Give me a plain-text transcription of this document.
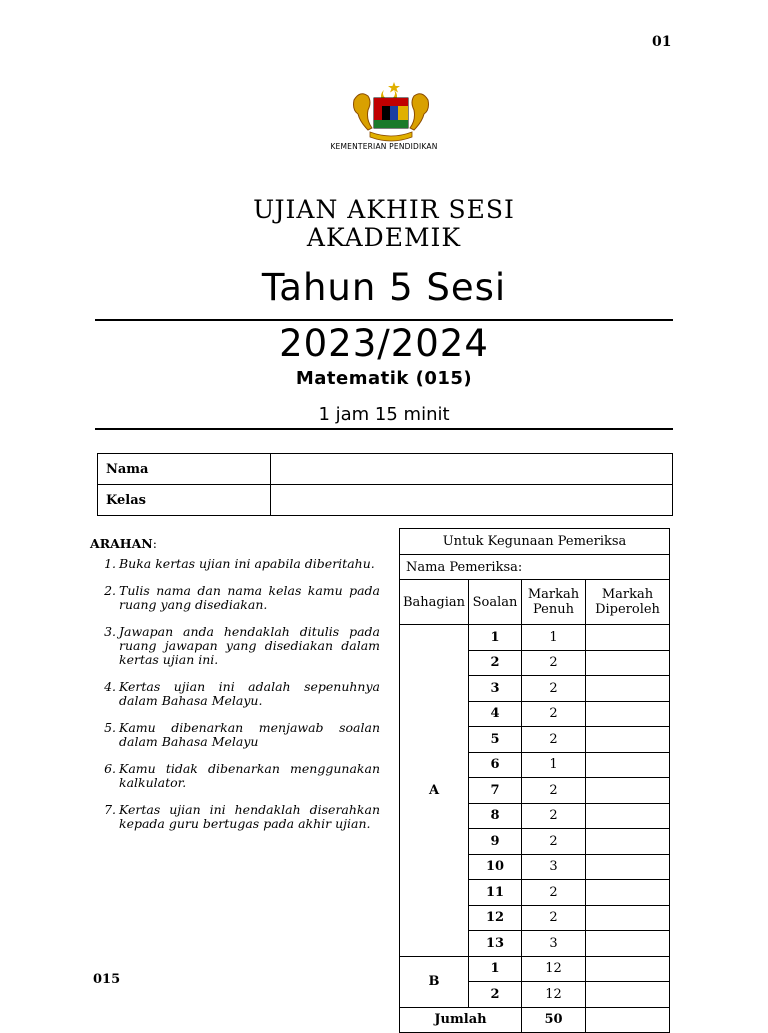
01
KEMENTERIAN PENDIDIKAN
UJIAN AKHIR SESI
AKADEMIK
Tahun 5 Sesi
2023/2024
Matematik (015)
1 jam 15 minit
Nama	
Kelas	
ARAHAN:
1. Buka kertas ujian ini apabila diberitahu.
2. Tulis nama dan nama kelas kamu pada ruang yang disediakan.
3. Jawapan anda hendaklah ditulis pada ruang jawapan yang disediakan dalam kertas ujian ini.
4. Kertas ujian ini adalah sepenuhnya dalam Bahasa Melayu.
5. Kamu dibenarkan menjawab soalan dalam Bahasa Melayu
6. Kamu tidak dibenarkan menggunakan kalkulator.
7. Kertas ujian ini hendaklah diserahkan kepada guru bertugas pada akhir ujian.
Untuk Kegunaan Pemeriksa			
Nama Pemeriksa:			
Bahagian	Soalan	Markah Penuh	Markah Diperoleh
A	1	1	
	2	2	
	3	2	
	4	2	
	5	2	
	6	1	
	7	2	
	8	2	
	9	2	
	10	3	
	11	2	
	12	2	
	13	3	
B	1	12	
	2	12	
Jumlah		50	
015
